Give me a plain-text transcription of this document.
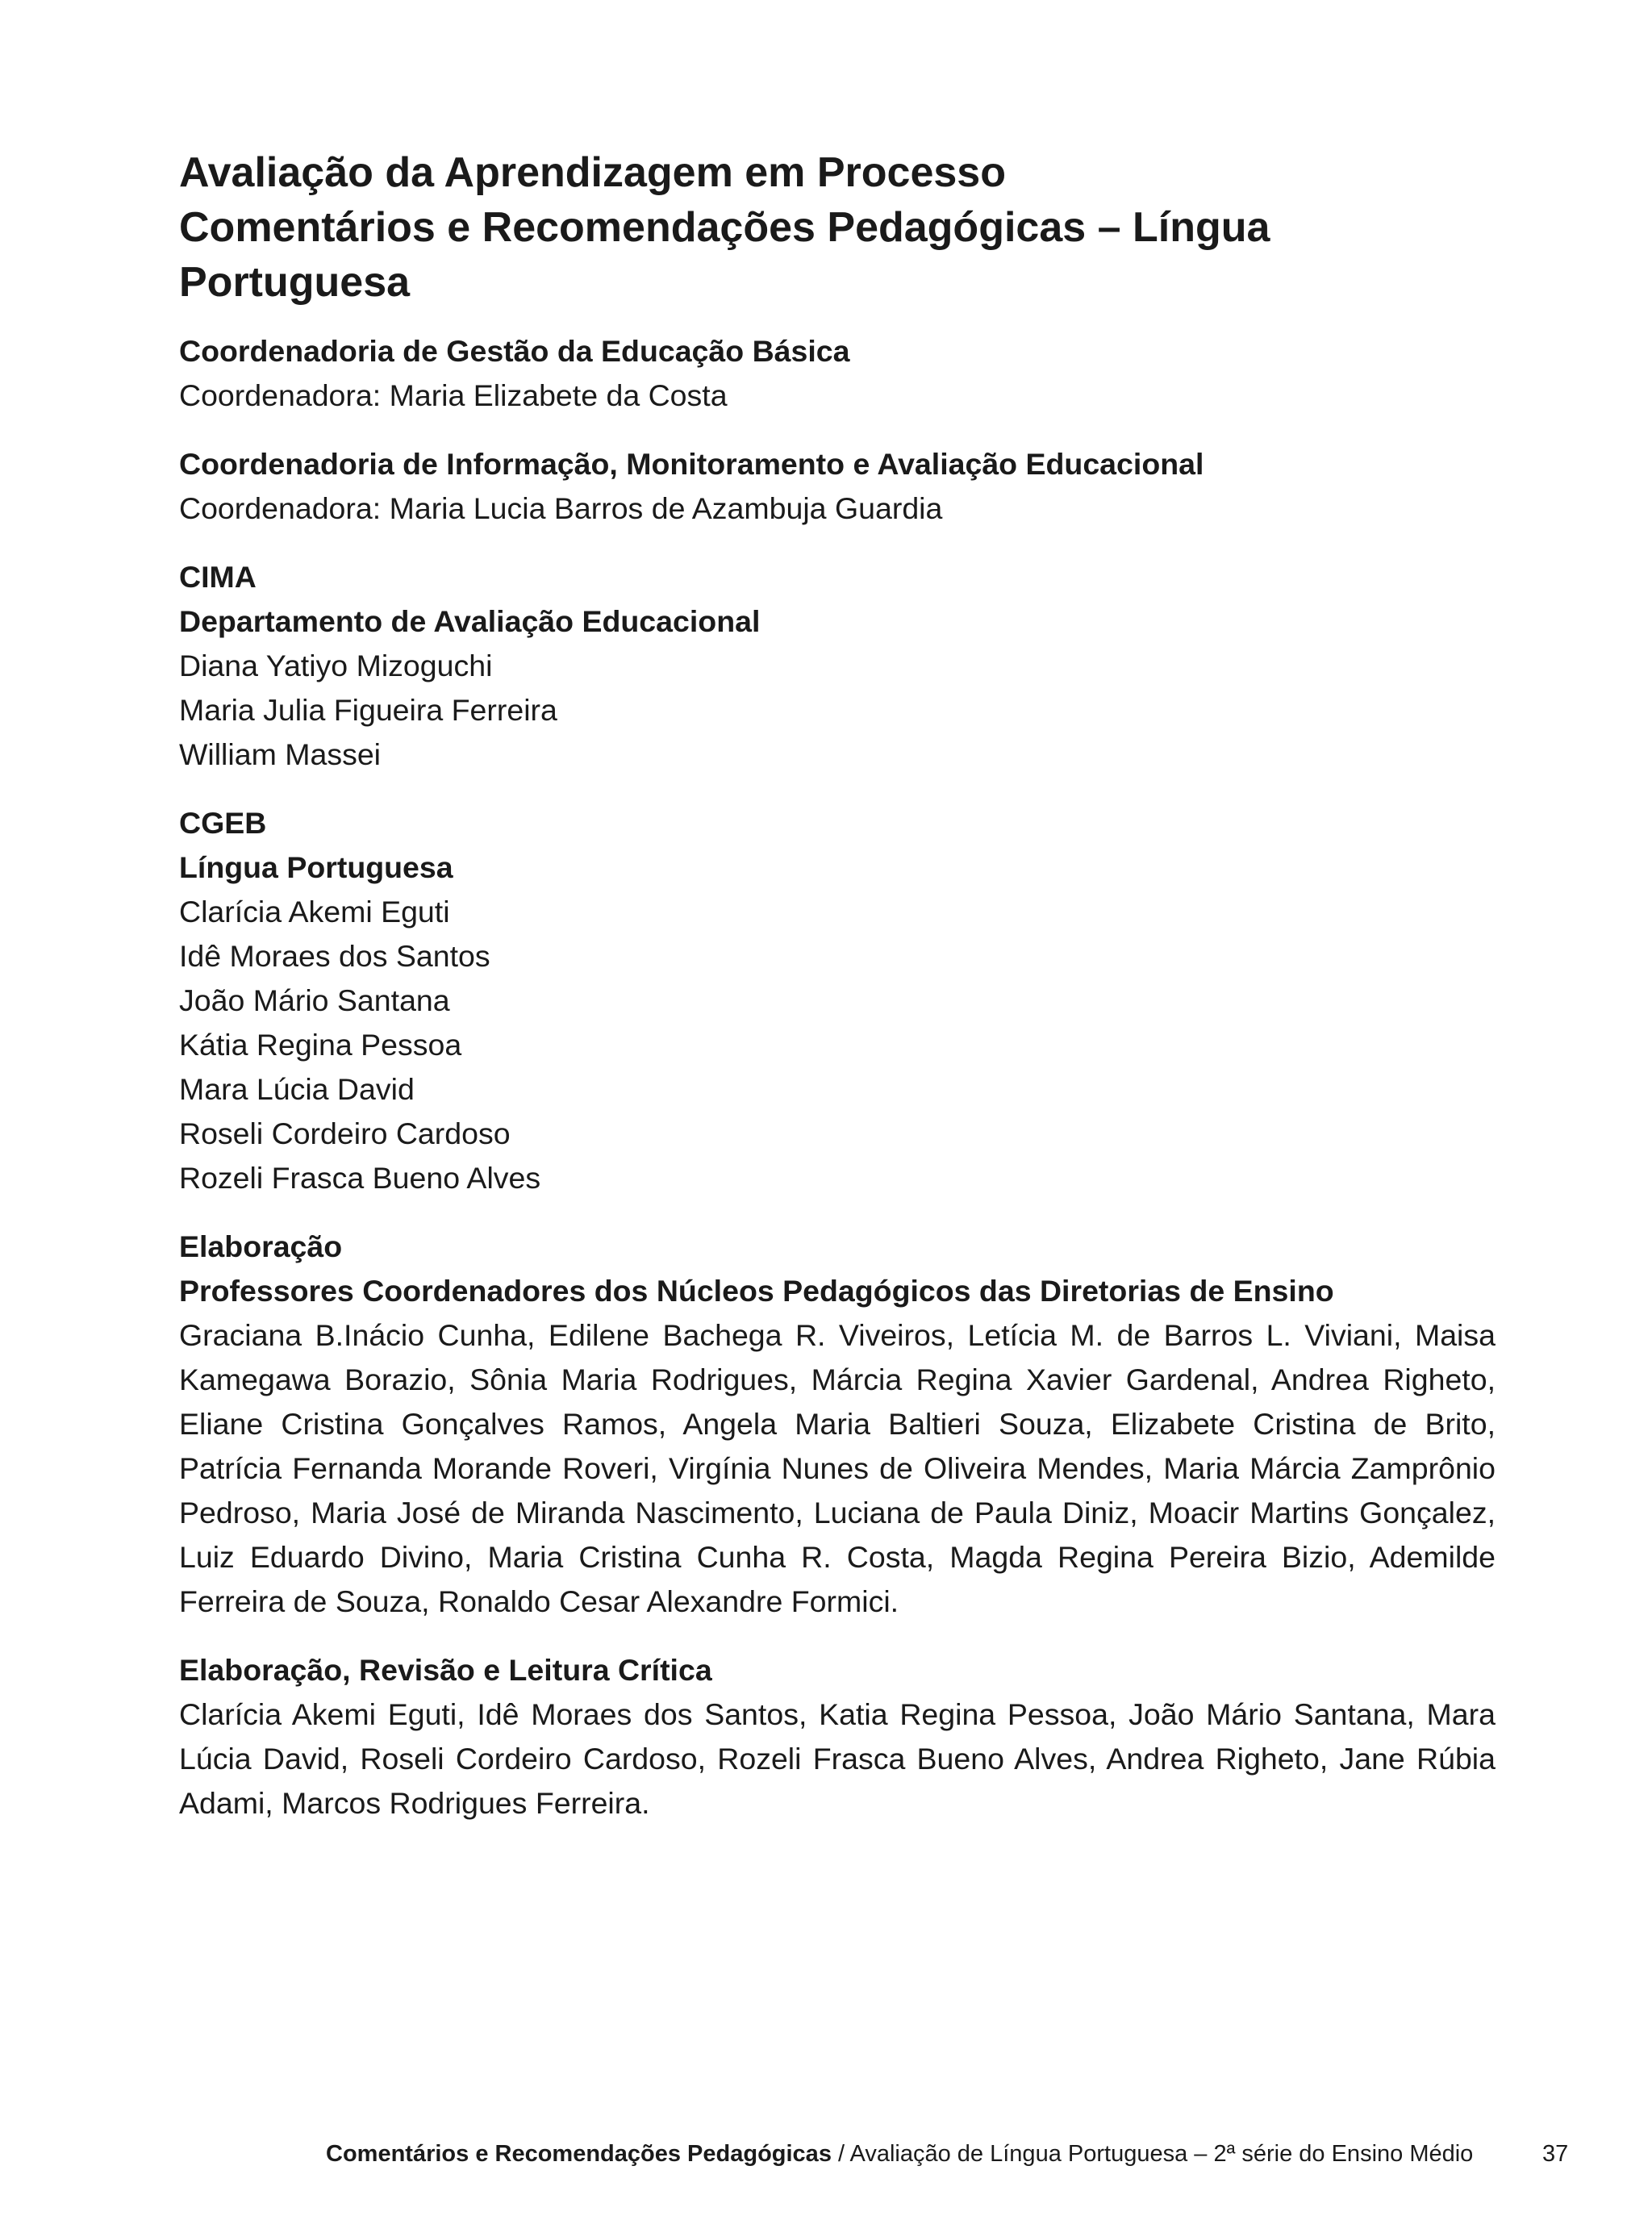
Avaliação da Aprendizagem em Processo
Comentários e Recomendações Pedagógicas – Língua Portuguesa
Coordenadoria de Gestão da Educação Básica
Coordenadora: Maria Elizabete da Costa
Coordenadoria de Informação, Monitoramento e Avaliação Educacional
Coordenadora: Maria Lucia Barros de Azambuja Guardia
CIMA
Departamento de Avaliação Educacional
Diana Yatiyo Mizoguchi
Maria Julia Figueira Ferreira
William Massei
CGEB
Língua Portuguesa
Clarícia Akemi Eguti
Idê Moraes dos Santos
João Mário Santana
Kátia Regina Pessoa
Mara Lúcia David
Roseli Cordeiro Cardoso
Rozeli Frasca Bueno Alves
Elaboração
Professores Coordenadores dos Núcleos Pedagógicos das Diretorias de Ensino

Graciana B.Inácio Cunha, Edilene Bachega R. Viveiros, Letícia M. de Barros L. Viviani, Maisa Kamegawa Borazio, Sônia Maria Rodrigues, Márcia Regina Xavier Gardenal, Andrea Righeto, Eliane Cristina Gonçalves Ramos, Angela Maria Baltieri Souza, Elizabete Cristina de Brito, Patrícia Fernanda Morande Roveri, Virgínia Nunes de Oliveira Mendes, Maria Márcia Zamprônio Pedroso, Maria José de Miranda Nascimento, Luciana de Paula Diniz, Moacir Martins Gonçalez, Luiz Eduardo Divino, Maria Cristina Cunha R. Costa, Magda Regina Pereira Bizio, Ademilde Ferreira de Souza, Ronaldo Cesar Alexandre Formici.

Elaboração, Revisão e Leitura Crítica

Clarícia Akemi Eguti, Idê Moraes dos Santos, Katia Regina Pessoa, João Mário Santana, Mara Lúcia David, Roseli Cordeiro Cardoso, Rozeli Frasca Bueno Alves, Andrea Righeto, Jane Rúbia Adami, Marcos Rodrigues Ferreira.

Comentários e Recomendações Pedagógicas / Avaliação de Língua Portuguesa – 2ª série do Ensino Médio	37
